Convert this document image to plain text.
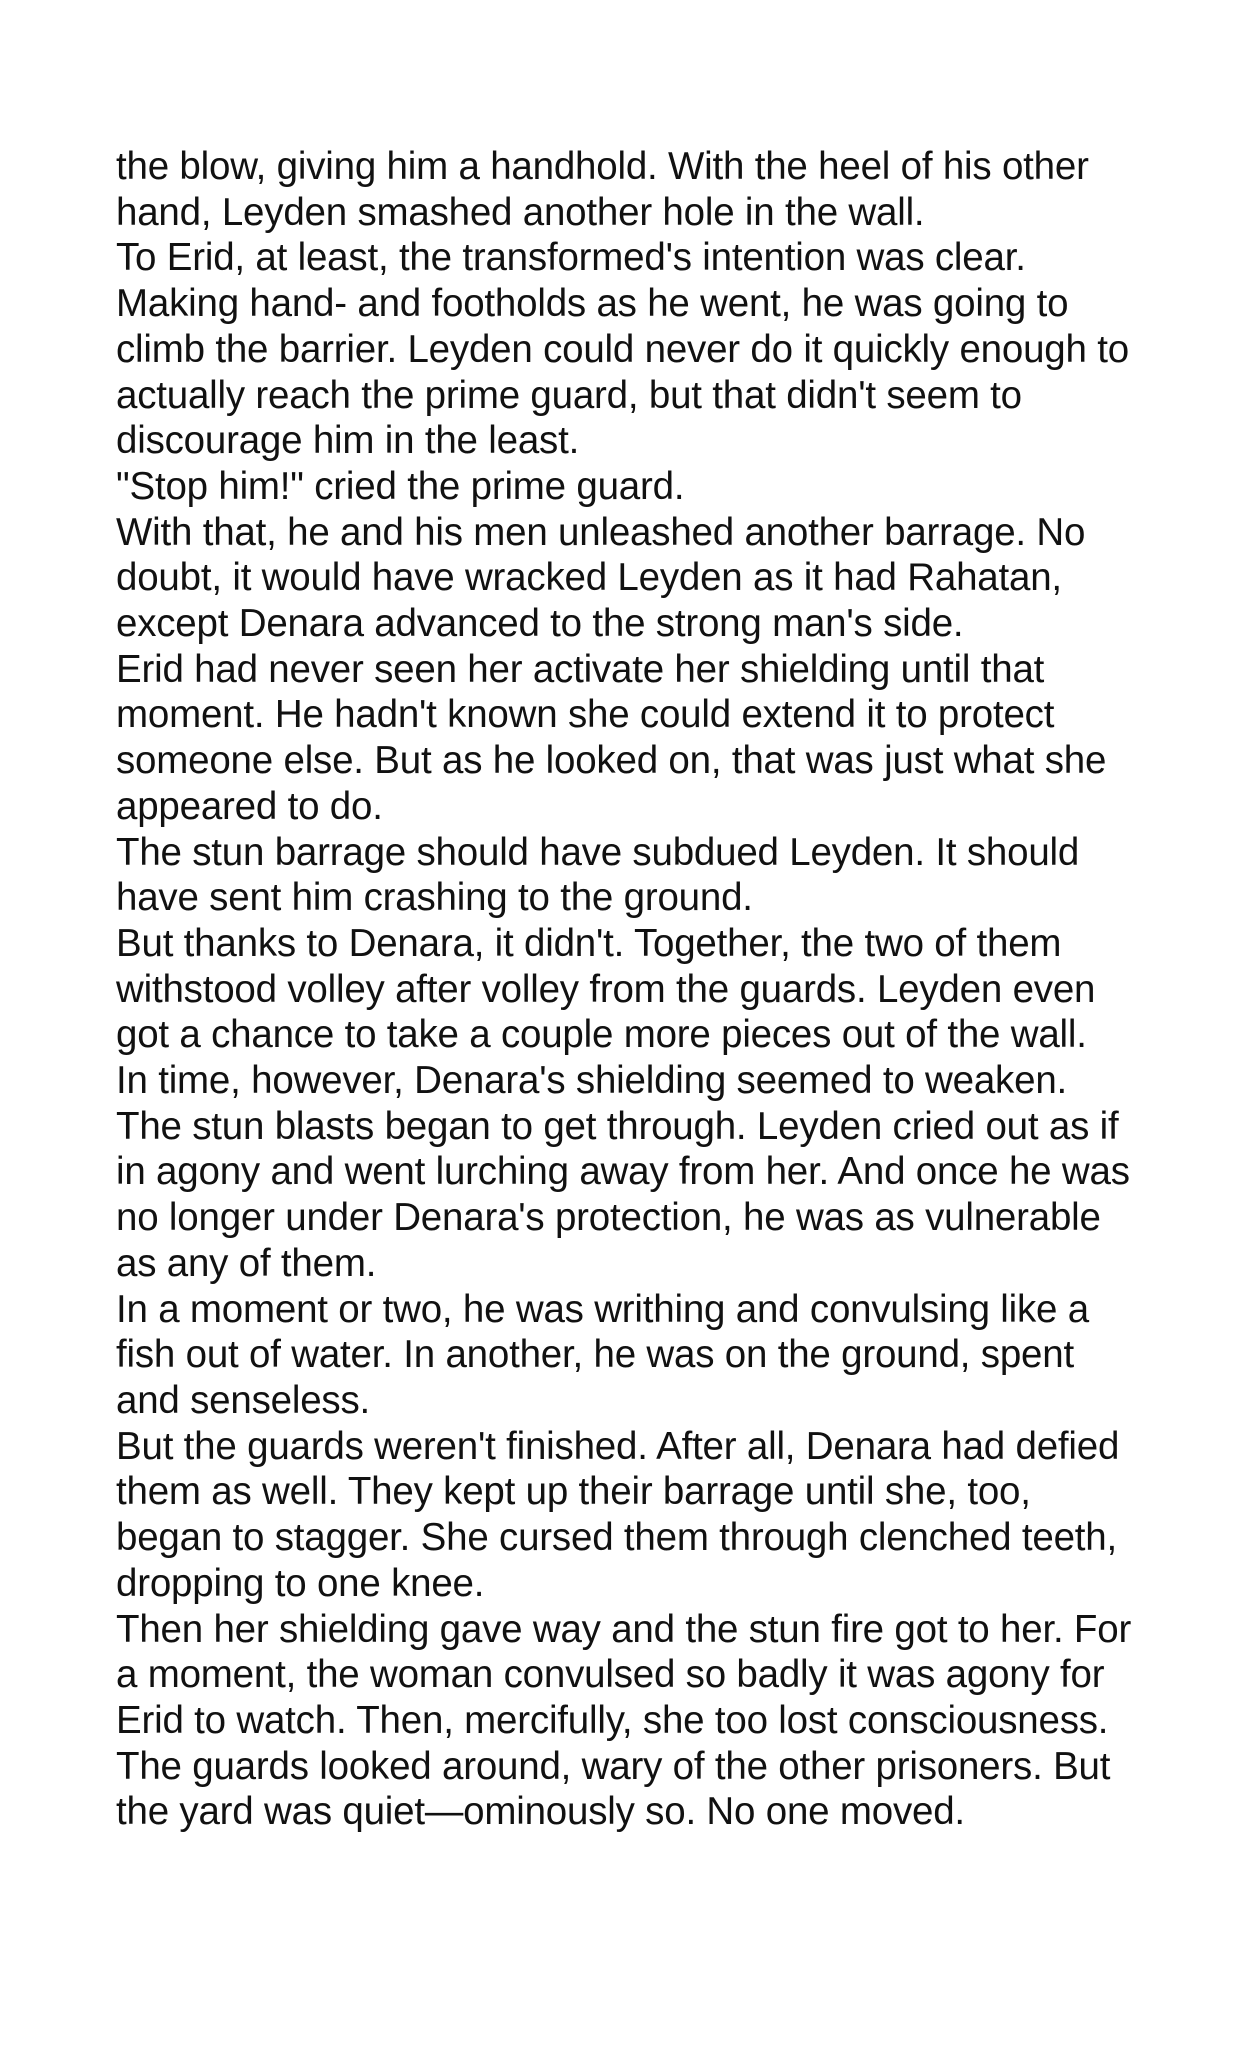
the blow, giving him a handhold. With the heel of his other hand, Leyden smashed another hole in the wall.

To Erid, at least, the transformed's intention was clear. Making hand- and footholds as he went, he was going to climb the barrier. Leyden could never do it quickly enough to actually reach the prime guard, but that didn't seem to discourage him in the least.

"Stop him!" cried the prime guard.

With that, he and his men unleashed another barrage. No doubt, it would have wracked Leyden as it had Rahatan, except Denara advanced to the strong man's side.

Erid had never seen her activate her shielding until that moment. He hadn't known she could extend it to protect someone else. But as he looked on, that was just what she appeared to do.

The stun barrage should have subdued Leyden. It should have sent him crashing to the ground.

But thanks to Denara, it didn't. Together, the two of them withstood volley after volley from the guards. Leyden even got a chance to take a couple more pieces out of the wall.

In time, however, Denara's shielding seemed to weaken. The stun blasts began to get through. Leyden cried out as if in agony and went lurching away from her. And once he was no longer under Denara's protection, he was as vulnerable as any of them.

In a moment or two, he was writhing and convulsing like a fish out of water. In another, he was on the ground, spent and senseless.

But the guards weren't finished. After all, Denara had defied them as well. They kept up their barrage until she, too, began to stagger. She cursed them through clenched teeth, dropping to one knee.

Then her shielding gave way and the stun fire got to her. For a moment, the woman convulsed so badly it was agony for Erid to watch. Then, mercifully, she too lost consciousness.

The guards looked around, wary of the other prisoners. But the yard was quiet—ominously so. No one moved.
